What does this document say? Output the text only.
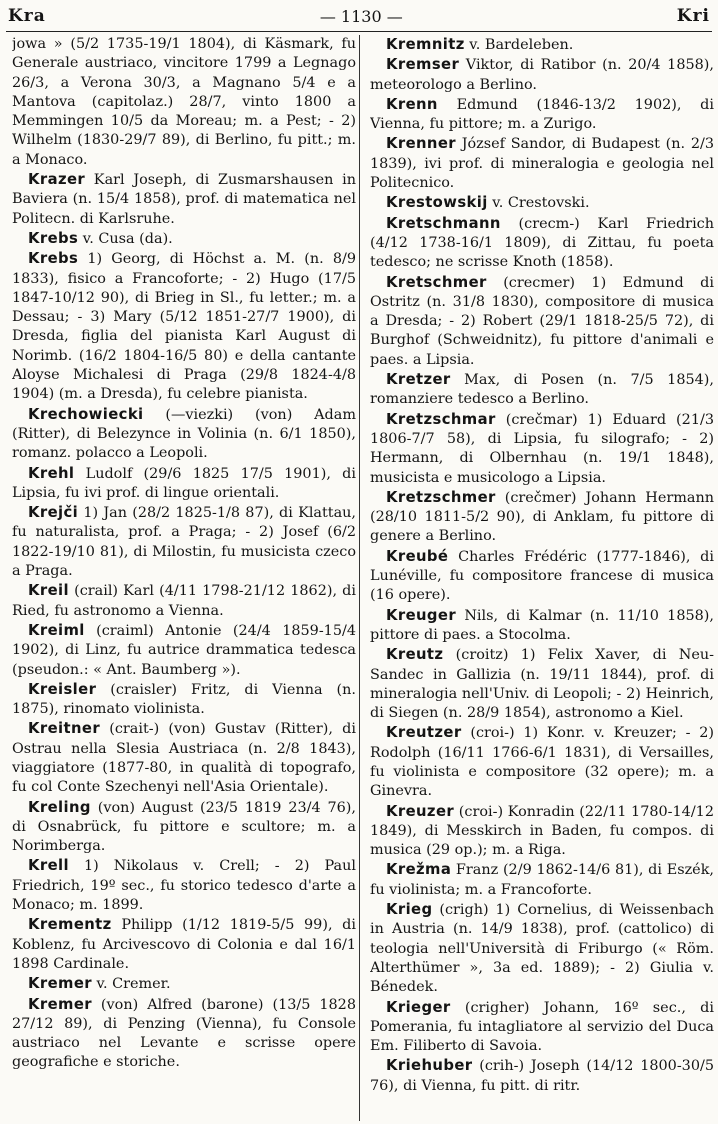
Kra	— 1130 —	Kri

jowa » (5/2 1735-19/1 1804), di Käsmark, fu Generale austriaco, vincitore 1799 a Legnago 26/3, a Verona 30/3, a Magnano 5/4 e a Mantova (capitolaz.) 28/7, vinto 1800 a Memmingen 10/5 da Moreau; m. a Pest; - 2) Wilhelm (1830-29/7 89), di Berlino, fu pitt.; m. a Monaco.

Krazer Karl Joseph, di Zusmarshausen in Baviera (n. 15/4 1858), prof. di matematica nel Politecn. di Karlsruhe.

Krebs v. Cusa (da).

Krebs 1) Georg, di Höchst a. M. (n. 8/9 1833), fisico a Francoforte; - 2) Hugo (17/5 1847-10/12 90), di Brieg in Sl., fu letter.; m. a Dessau; - 3) Mary (5/12 1851-27/7 1900), di Dresda, figlia del pianista Karl August di Norimb. (16/2 1804-16/5 80) e della cantante Aloyse Michalesi di Praga (29/8 1824-4/8 1904) (m. a Dresda), fu celebre pianista.

Krechowiecki (—viezki) (von) Adam (Ritter), di Belezynce in Volinia (n. 6/1 1850), romanz. polacco a Leopoli.

Krehl Ludolf (29/6 1825 17/5 1901), di Lipsia, fu ivi prof. di lingue orientali.

Krejči 1) Jan (28/2 1825-1/8 87), di Klattau, fu naturalista, prof. a Praga; - 2) Josef (6/2 1822-19/10 81), di Milostin, fu musicista czeco a Praga.

Kreil (crail) Karl (4/11 1798-21/12 1862), di Ried, fu astronomo a Vienna.

Kreiml (craiml) Antonie (24/4 1859-15/4 1902), di Linz, fu autrice drammatica tedesca (pseudon.: « Ant. Baumberg »).

Kreisler (craisler) Fritz, di Vienna (n. 1875), rinomato violinista.

Kreitner (crait-) (von) Gustav (Ritter), di Ostrau nella Slesia Austriaca (n. 2/8 1843), viaggiatore (1877-80, in qualità di topografo, fu col Conte Szechenyi nell'Asia Orientale).

Kreling (von) August (23/5 1819 23/4 76), di Osnabrück, fu pittore e scultore; m. a Norimberga.

Krell 1) Nikolaus v. Crell; - 2) Paul Friedrich, 19º sec., fu storico tedesco d'arte a Monaco; m. 1899.

Krementz Philipp (1/12 1819-5/5 99), di Koblenz, fu Arcivescovo di Colonia e dal 16/1 1898 Cardinale.

Kremer v. Cremer.

Kremer (von) Alfred (barone) (13/5 1828 27/12 89), di Penzing (Vienna), fu Console austriaco nel Levante e scrisse opere geografiche e storiche.

Kremnitz v. Bardeleben.

Kremser Viktor, di Ratibor (n. 20/4 1858), meteorologo a Berlino.

Krenn Edmund (1846-13/2 1902), di Vienna, fu pittore; m. a Zurigo.

Krenner József Sandor, di Budapest (n. 2/3 1839), ivi prof. di mineralogia e geologia nel Politecnico.

Krestowskij v. Crestovski.

Kretschmann (crecm-) Karl Friedrich (4/12 1738-16/1 1809), di Zittau, fu poeta tedesco; ne scrisse Knoth (1858).

Kretschmer (crecmer) 1) Edmund di Ostritz (n. 31/8 1830), compositore di musica a Dresda; - 2) Robert (29/1 1818-25/5 72), di Burghof (Schweidnitz), fu pittore d'animali e paes. a Lipsia.

Kretzer Max, di Posen (n. 7/5 1854), romanziere tedesco a Berlino.

Kretzschmar (crečmar) 1) Eduard (21/3 1806-7/7 58), di Lipsia, fu silografo; - 2) Hermann, di Olbernhau (n. 19/1 1848), musicista e musicologo a Lipsia.

Kretzschmer (crečmer) Johann Hermann (28/10 1811-5/2 90), di Anklam, fu pittore di genere a Berlino.

Kreubé Charles Frédéric (1777-1846), di Lunéville, fu compositore francese di musica (16 opere).

Kreuger Nils, di Kalmar (n. 11/10 1858), pittore di paes. a Stocolma.

Kreutz (croitz) 1) Felix Xaver, di Neu-Sandec in Gallizia (n. 19/11 1844), prof. di mineralogia nell'Univ. di Leopoli; - 2) Heinrich, di Siegen (n. 28/9 1854), astronomo a Kiel.

Kreutzer (croi-) 1) Konr. v. Kreuzer; - 2) Rodolph (16/11 1766-6/1 1831), di Versailles, fu violinista e compositore (32 opere); m. a Ginevra.

Kreuzer (croi-) Konradin (22/11 1780-14/12 1849), di Messkirch in Baden, fu compos. di musica (29 op.); m. a Riga.

Krežma Franz (2/9 1862-14/6 81), di Eszék, fu violinista; m. a Francoforte.

Krieg (crigh) 1) Cornelius, di Weissenbach in Austria (n. 14/9 1838), prof. (cattolico) di teologia nell'Università di Friburgo (« Röm. Alterthümer », 3a ed. 1889); - 2) Giulia v. Bénedek.

Krieger (crigher) Johann, 16º sec., di Pomerania, fu intagliatore al servizio del Duca Em. Filiberto di Savoia.

Kriehuber (crih-) Joseph (14/12 1800-30/5 76), di Vienna, fu pitt. di ritr.
